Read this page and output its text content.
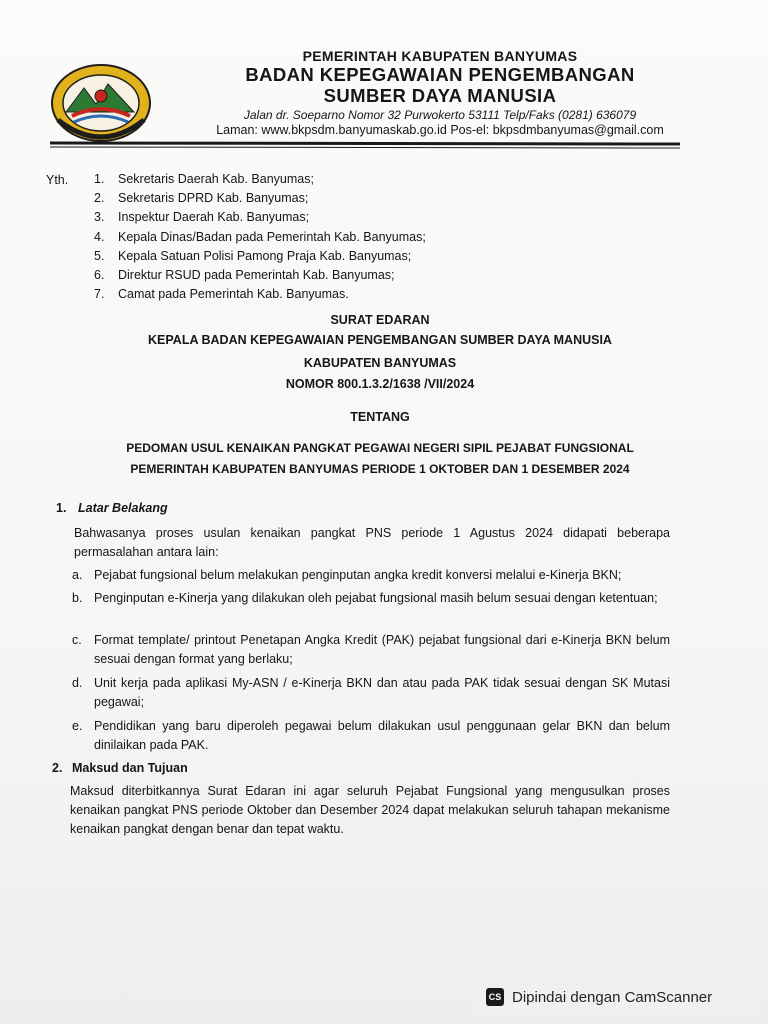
PEMERINTAH KABUPATEN BANYUMAS
BADAN KEPEGAWAIAN PENGEMBANGAN
SUMBER DAYA MANUSIA
Jalan dr. Soeparno Nomor 32 Purwokerto 53111 Telp/Faks (0281) 636079
Laman: www.bkpsdm.banyumaskab.go.id Pos-el: bkpsdmbanyumas@gmail.com
Yth. 1. Sekretaris Daerah Kab. Banyumas;
2. Sekretaris DPRD Kab. Banyumas;
3. Inspektur Daerah Kab. Banyumas;
4. Kepala Dinas/Badan pada Pemerintah Kab. Banyumas;
5. Kepala Satuan Polisi Pamong Praja Kab. Banyumas;
6. Direktur RSUD pada Pemerintah Kab. Banyumas;
7. Camat pada Pemerintah Kab. Banyumas.
SURAT EDARAN
KEPALA BADAN KEPEGAWAIAN PENGEMBANGAN SUMBER DAYA MANUSIA
KABUPATEN BANYUMAS
NOMOR 800.1.3.2/1638 /VII/2024
TENTANG
PEDOMAN USUL KENAIKAN PANGKAT PEGAWAI NEGERI SIPIL PEJABAT FUNGSIONAL
PEMERINTAH KABUPATEN BANYUMAS PERIODE 1 OKTOBER DAN 1 DESEMBER 2024
1. Latar Belakang
Bahwasanya proses usulan kenaikan pangkat PNS periode 1 Agustus 2024 didapati beberapa permasalahan antara lain:
a. Pejabat fungsional belum melakukan penginputan angka kredit konversi melalui e-Kinerja BKN;
b. Penginputan e-Kinerja yang dilakukan oleh pejabat fungsional masih belum sesuai dengan ketentuan;
c. Format template/ printout Penetapan Angka Kredit (PAK) pejabat fungsional dari e-Kinerja BKN belum sesuai dengan format yang berlaku;
d. Unit kerja pada aplikasi My-ASN / e-Kinerja BKN dan atau pada PAK tidak sesuai dengan SK Mutasi pegawai;
e. Pendidikan yang baru diperoleh pegawai belum dilakukan usul penggunaan gelar BKN dan belum dinilaikan pada PAK.
2. Maksud dan Tujuan
Maksud diterbitkannya Surat Edaran ini agar seluruh Pejabat Fungsional yang mengusulkan proses kenaikan pangkat PNS periode Oktober dan Desember 2024 dapat melakukan seluruh tahapan mekanisme kenaikan pangkat dengan benar dan tepat waktu.
CS Dipindai dengan CamScanner
